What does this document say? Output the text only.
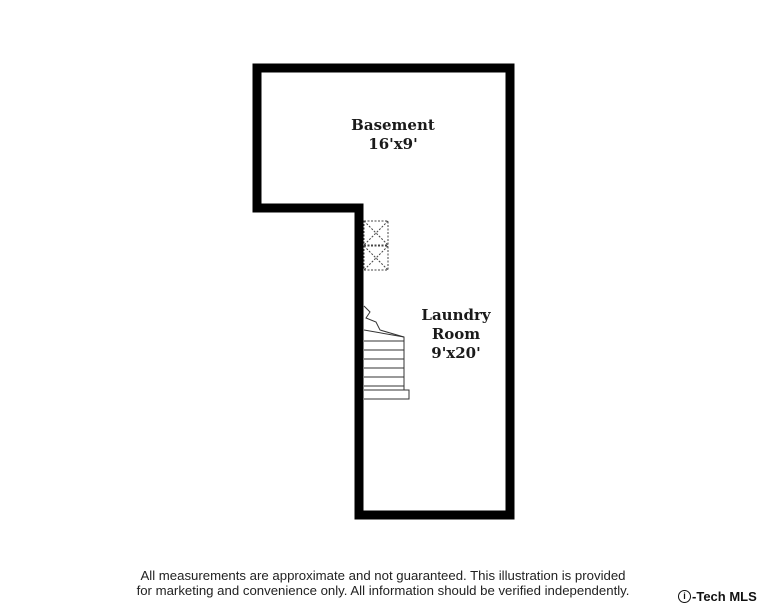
Basement
16'x9'
Laundry
Room
9'x20'
All measurements are approximate and not guaranteed. This illustration is provided
for marketing and convenience only. All information should be verified independently.	i - Tech MLS
